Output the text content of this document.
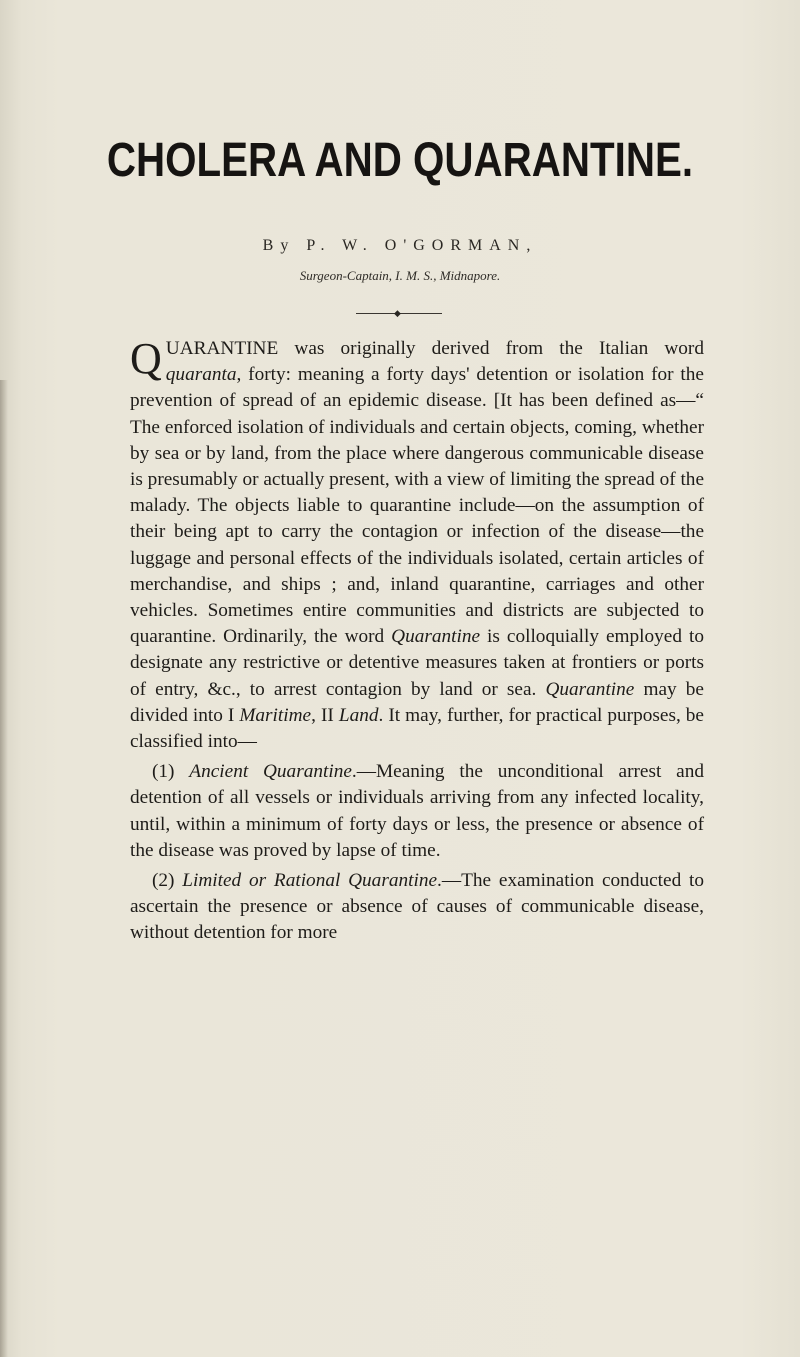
CHOLERA AND QUARANTINE.
By P. W. O'GORMAN,
Surgeon-Captain, I. M. S., Midnapore.
◆

QUARANTINE was originally derived from the Italian word quaranta, forty: meaning a forty days' detention or isolation for the prevention of spread of an epidemic disease. [It has been defined as—“ The enforced isolation of individuals and certain objects, coming, whether by sea or by land, from the place where dangerous communicable disease is presumably or actually present, with a view of limiting the spread of the malady. The objects liable to quarantine include—on the assumption of their being apt to carry the contagion or infection of the disease—the luggage and personal effects of the individuals isolated, certain articles of merchandise, and ships ; and, inland quarantine, carriages and other vehicles. Sometimes entire communities and districts are subjected to quarantine. Ordinarily, the word Quarantine is colloquially employed to designate any restrictive or detentive measures taken at frontiers or ports of entry, &c., to arrest contagion by land or sea. Quarantine may be divided into I Maritime, II Land. It may, further, for practical purposes, be classified into—

(1) Ancient Quarantine.—Meaning the unconditional arrest and detention of all vessels or individuals arriving from any infected locality, until, within a minimum of forty days or less, the presence or absence of the disease was proved by lapse of time.

(2) Limited or Rational Quarantine.—The examination conducted to ascertain the presence or absence of causes of communicable disease, without detention for more
